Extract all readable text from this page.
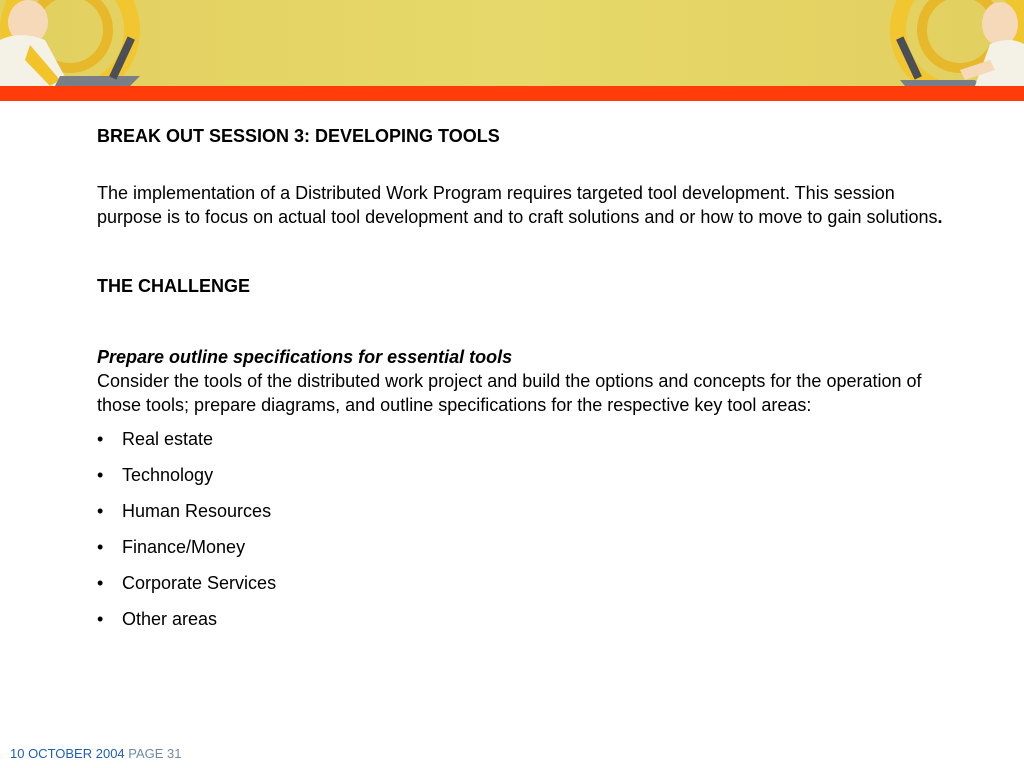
BREAK OUT SESSION 3: DEVELOPING TOOLS

The implementation of a Distributed Work Program requires targeted tool development. This session purpose is to focus on actual tool development and to craft solutions and or how to move to gain solutions.

THE CHALLENGE

Prepare outline specifications for essential tools

Consider the tools of the distributed work project and build the options and concepts for the operation of those tools; prepare diagrams, and outline specifications for the respective key tool areas:

•	Real estate
•	Technology
•	Human Resources
•	Finance/Money
•	Corporate Services
•	Other areas
10 OCTOBER 2004 PAGE 31
